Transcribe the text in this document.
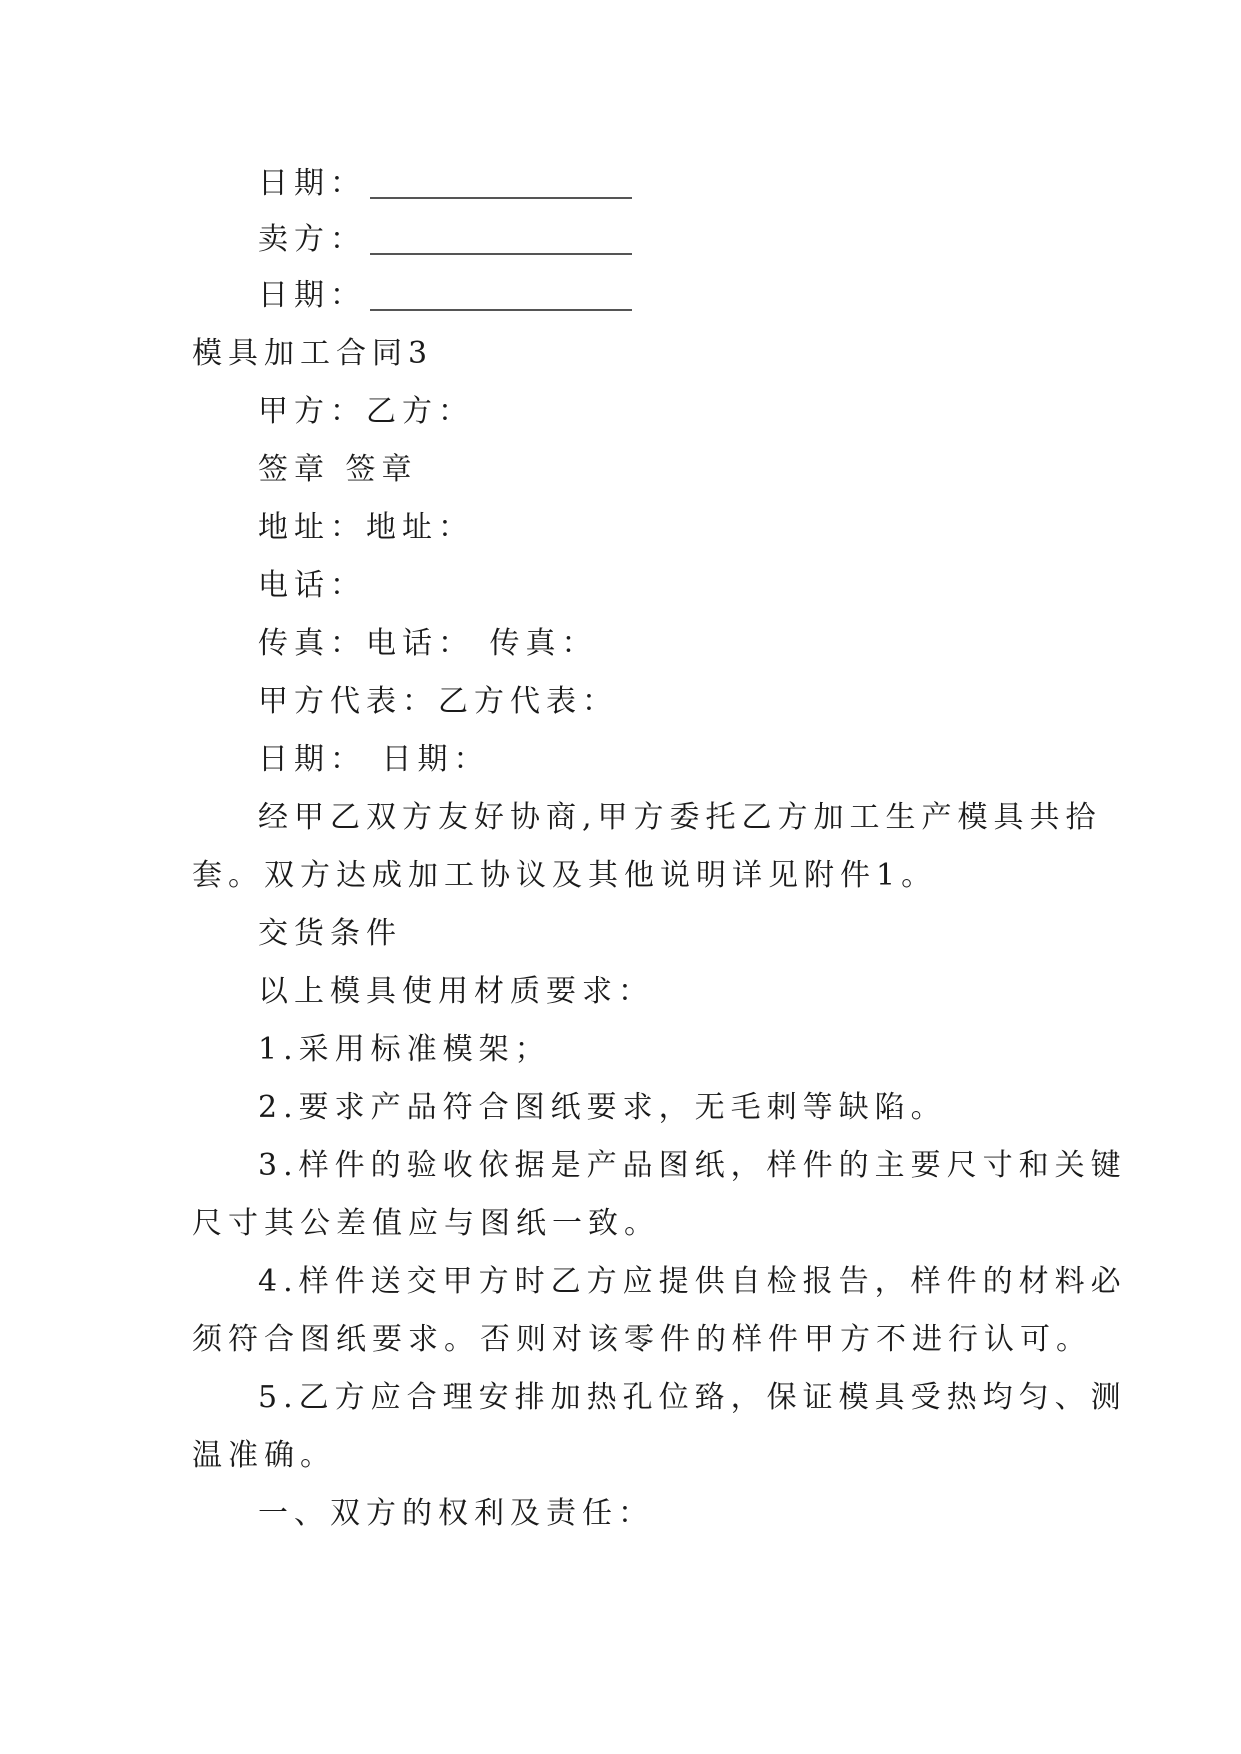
日期：
卖方：
日期：
模具加工合同3
甲方：乙方：
签章 签章
地址：地址：
电话：
传真：电话： 传真：
甲方代表：乙方代表：
日期： 日期：
经甲乙双方友好协商,甲方委托乙方加工生产模具共拾
套。双方达成加工协议及其他说明详见附件1。
交货条件
以上模具使用材质要求：
1.采用标准模架；
2.要求产品符合图纸要求，无毛刺等缺陷。
3.样件的验收依据是产品图纸，样件的主要尺寸和关键
尺寸其公差值应与图纸一致。
4.样件送交甲方时乙方应提供自检报告，样件的材料必
须符合图纸要求。否则对该零件的样件甲方不进行认可。
5.乙方应合理安排加热孔位臵，保证模具受热均匀、测
温准确。
一、双方的权利及责任：
